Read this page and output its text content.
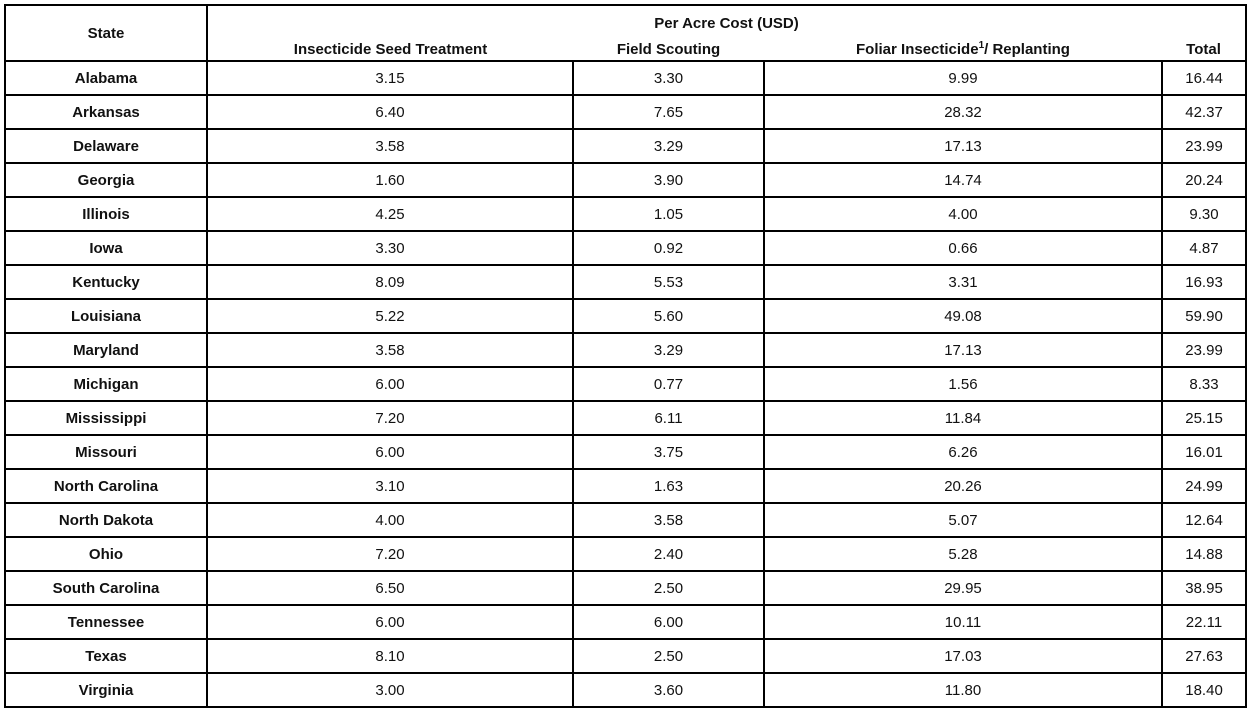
State	Per Acre Cost (USD)			
	Insecticide Seed Treatment	Field Scouting	Foliar Insecticide$^1$/ Replanting	Total
Alabama	3.15	3.30	9.99	16.44
Arkansas	6.40	7.65	28.32	42.37
Delaware	3.58	3.29	17.13	23.99
Georgia	1.60	3.90	14.74	20.24
Illinois	4.25	1.05	4.00	9.30
Iowa	3.30	0.92	0.66	4.87
Kentucky	8.09	5.53	3.31	16.93
Louisiana	5.22	5.60	49.08	59.90
Maryland	3.58	3.29	17.13	23.99
Michigan	6.00	0.77	1.56	8.33
Mississippi	7.20	6.11	11.84	25.15
Missouri	6.00	3.75	6.26	16.01
North Carolina	3.10	1.63	20.26	24.99
North Dakota	4.00	3.58	5.07	12.64
Ohio	7.20	2.40	5.28	14.88
South Carolina	6.50	2.50	29.95	38.95
Tennessee	6.00	6.00	10.11	22.11
Texas	8.10	2.50	17.03	27.63
Virginia	3.00	3.60	11.80	18.40
